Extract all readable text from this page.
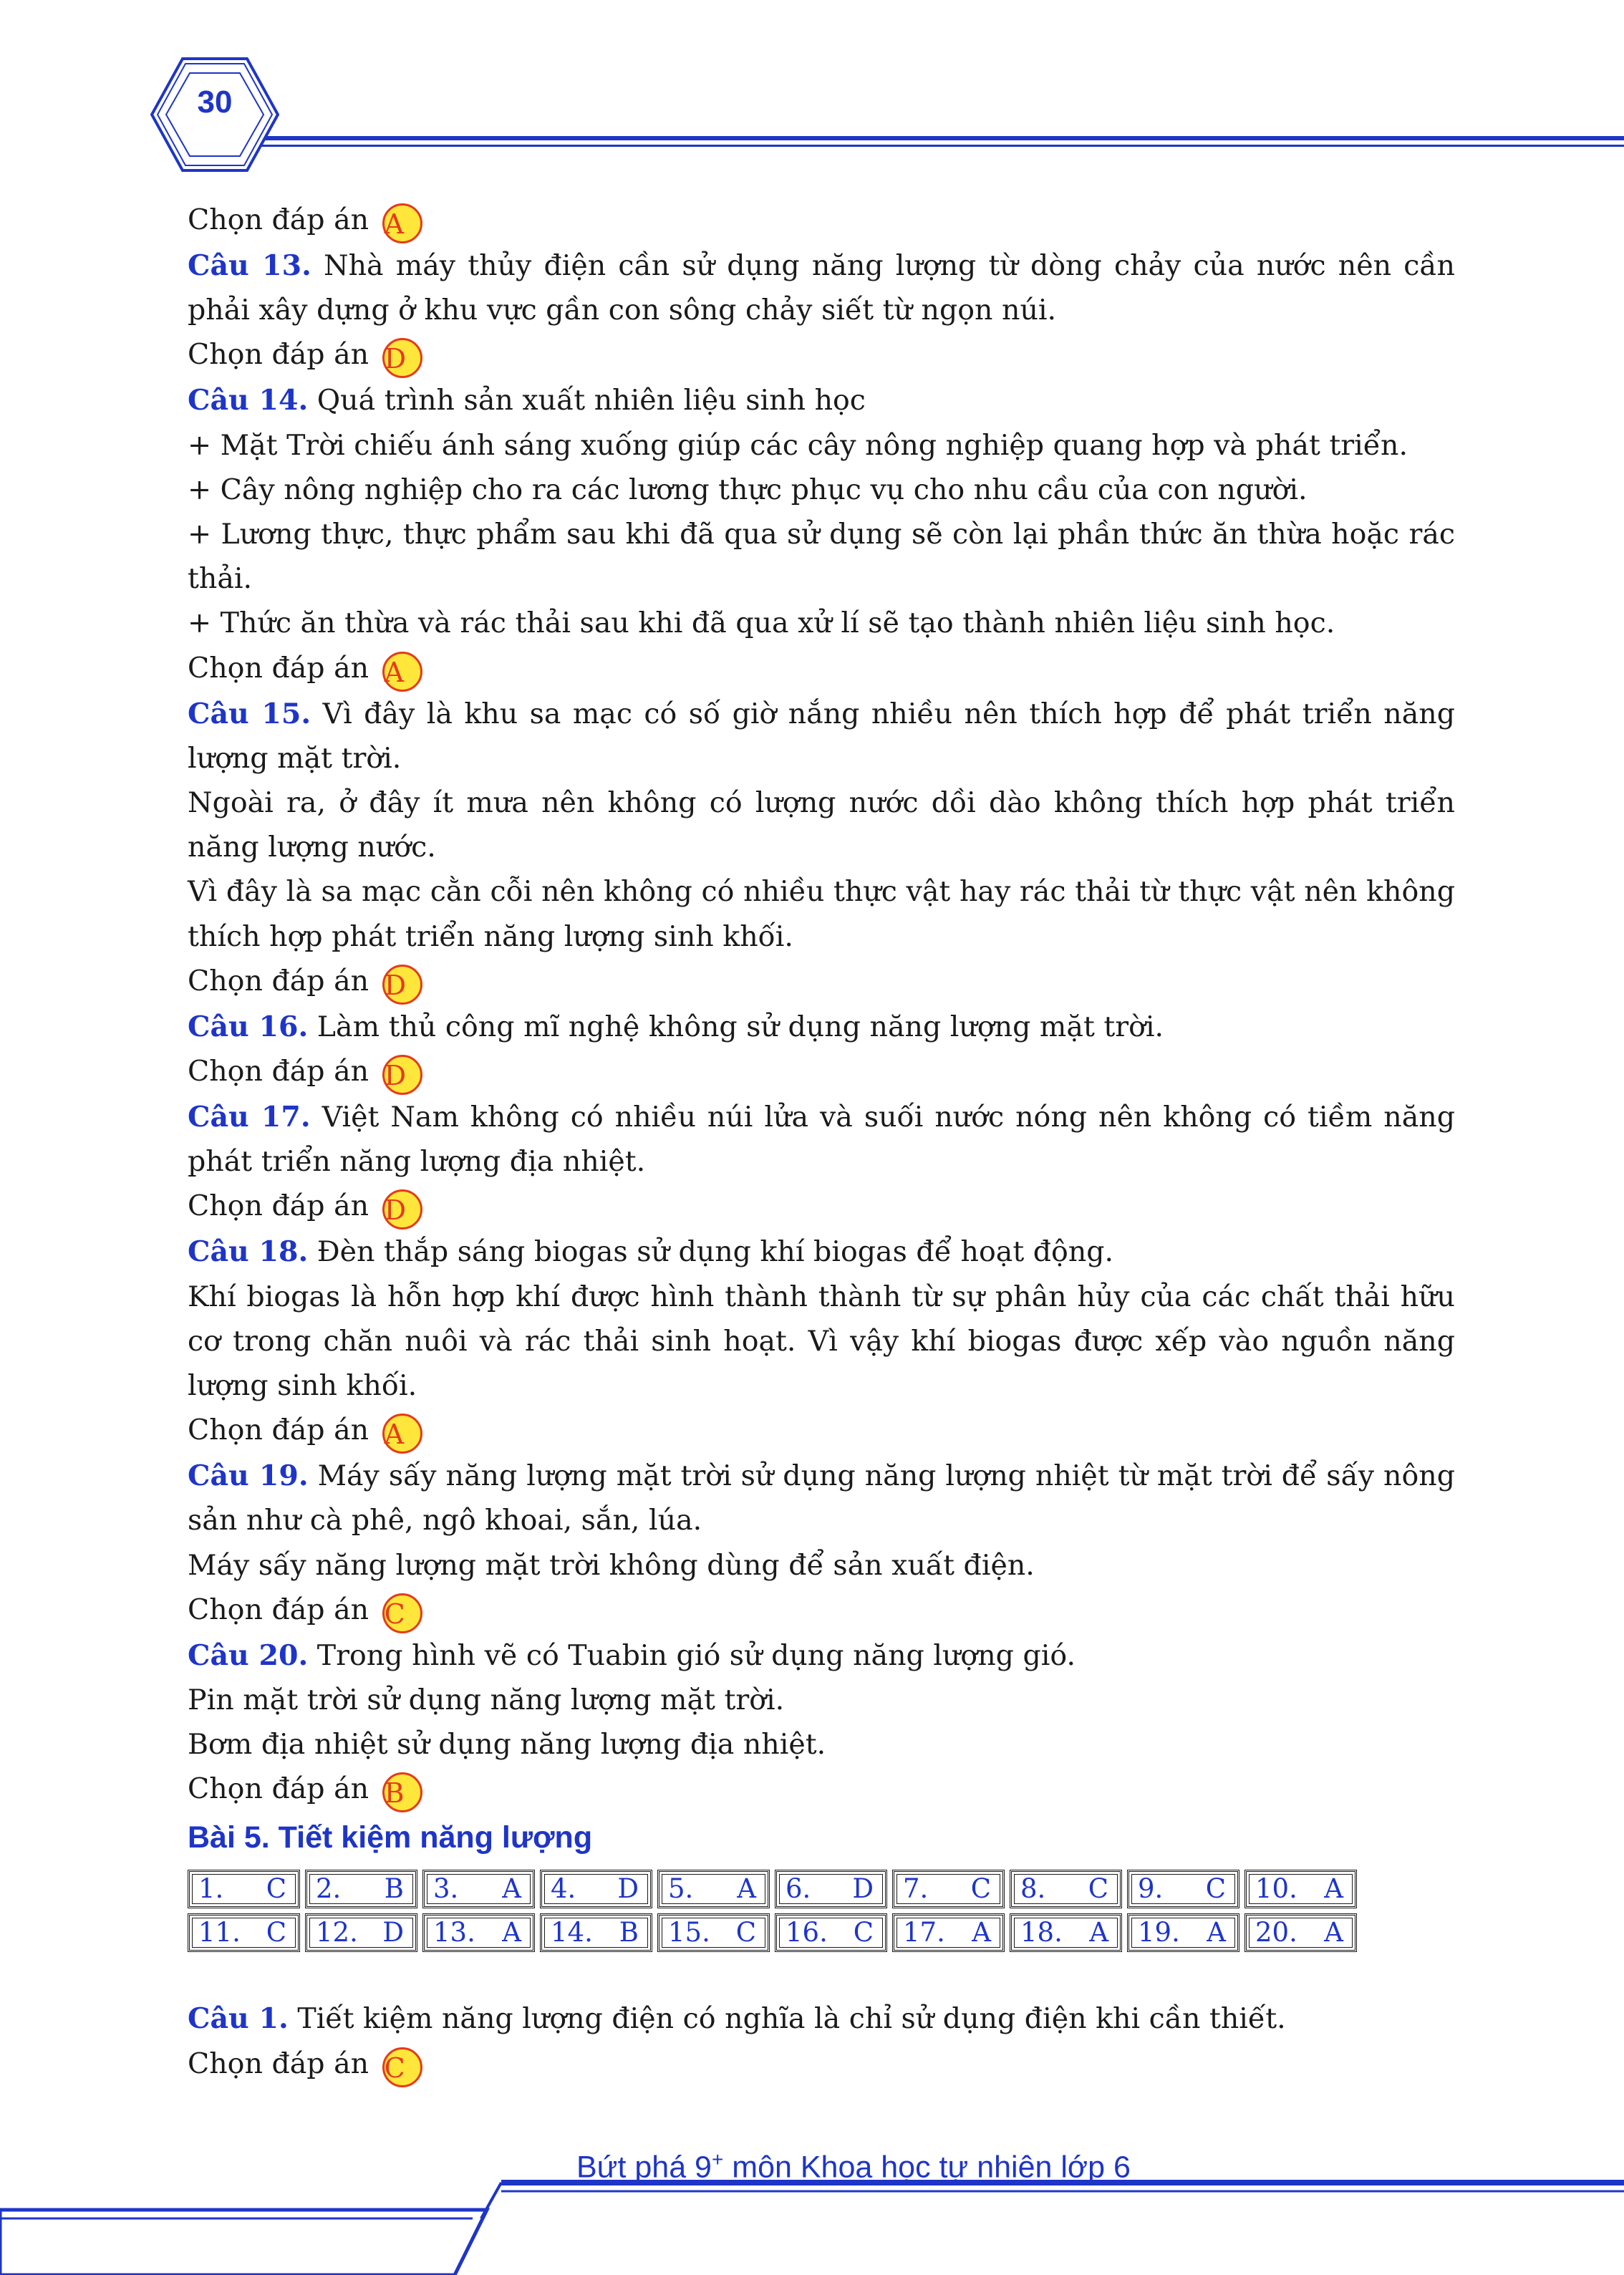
30

Chọn đáp án A

Câu 13. Nhà máy thủy điện cần sử dụng năng lượng từ dòng chảy của nước nên cần phải xây dựng ở khu vực gần con sông chảy siết từ ngọn núi.

Chọn đáp án D

Câu 14. Quá trình sản xuất nhiên liệu sinh học

+ Mặt Trời chiếu ánh sáng xuống giúp các cây nông nghiệp quang hợp và phát triển.

+ Cây nông nghiệp cho ra các lương thực phục vụ cho nhu cầu của con người.

+ Lương thực, thực phẩm sau khi đã qua sử dụng sẽ còn lại phần thức ăn thừa hoặc rác thải.

+ Thức ăn thừa và rác thải sau khi đã qua xử lí sẽ tạo thành nhiên liệu sinh học.

Chọn đáp án A

Câu 15. Vì đây là khu sa mạc có số giờ nắng nhiều nên thích hợp để phát triển năng lượng mặt trời.

Ngoài ra, ở đây ít mưa nên không có lượng nước dồi dào không thích hợp phát triển năng lượng nước.

Vì đây là sa mạc cằn cỗi nên không có nhiều thực vật hay rác thải từ thực vật nên không thích hợp phát triển năng lượng sinh khối.

Chọn đáp án D

Câu 16. Làm thủ công mĩ nghệ không sử dụng năng lượng mặt trời.

Chọn đáp án D

Câu 17. Việt Nam không có nhiều núi lửa và suối nước nóng nên không có tiềm năng phát triển năng lượng địa nhiệt.

Chọn đáp án D

Câu 18. Đèn thắp sáng biogas sử dụng khí biogas để hoạt động.

Khí biogas là hỗn hợp khí được hình thành thành từ sự phân hủy của các chất thải hữu cơ trong chăn nuôi và rác thải sinh hoạt. Vì vậy khí biogas được xếp vào nguồn năng lượng sinh khối.

Chọn đáp án A

Câu 19. Máy sấy năng lượng mặt trời sử dụng năng lượng nhiệt từ mặt trời để sấy nông sản như cà phê, ngô khoai, sắn, lúa.

Máy sấy năng lượng mặt trời không dùng để sản xuất điện.

Chọn đáp án C

Câu 20. Trong hình vẽ có Tuabin gió sử dụng năng lượng gió.

Pin mặt trời sử dụng năng lượng mặt trời.

Bơm địa nhiệt sử dụng năng lượng địa nhiệt.

Chọn đáp án B

Bài 5. Tiết kiệm năng lượng
1. C 2. B 3. A 4. D 5. A 6. D 7. C 8. C 9. C 10. A
11. C 12. D 13. A 14. B 15. C 16. C 17. A 18. A 19. A 20. A

Câu 1. Tiết kiệm năng lượng điện có nghĩa là chỉ sử dụng điện khi cần thiết.

Chọn đáp án C

Bứt phá 9+ môn Khoa học tự nhiên lớp 6
